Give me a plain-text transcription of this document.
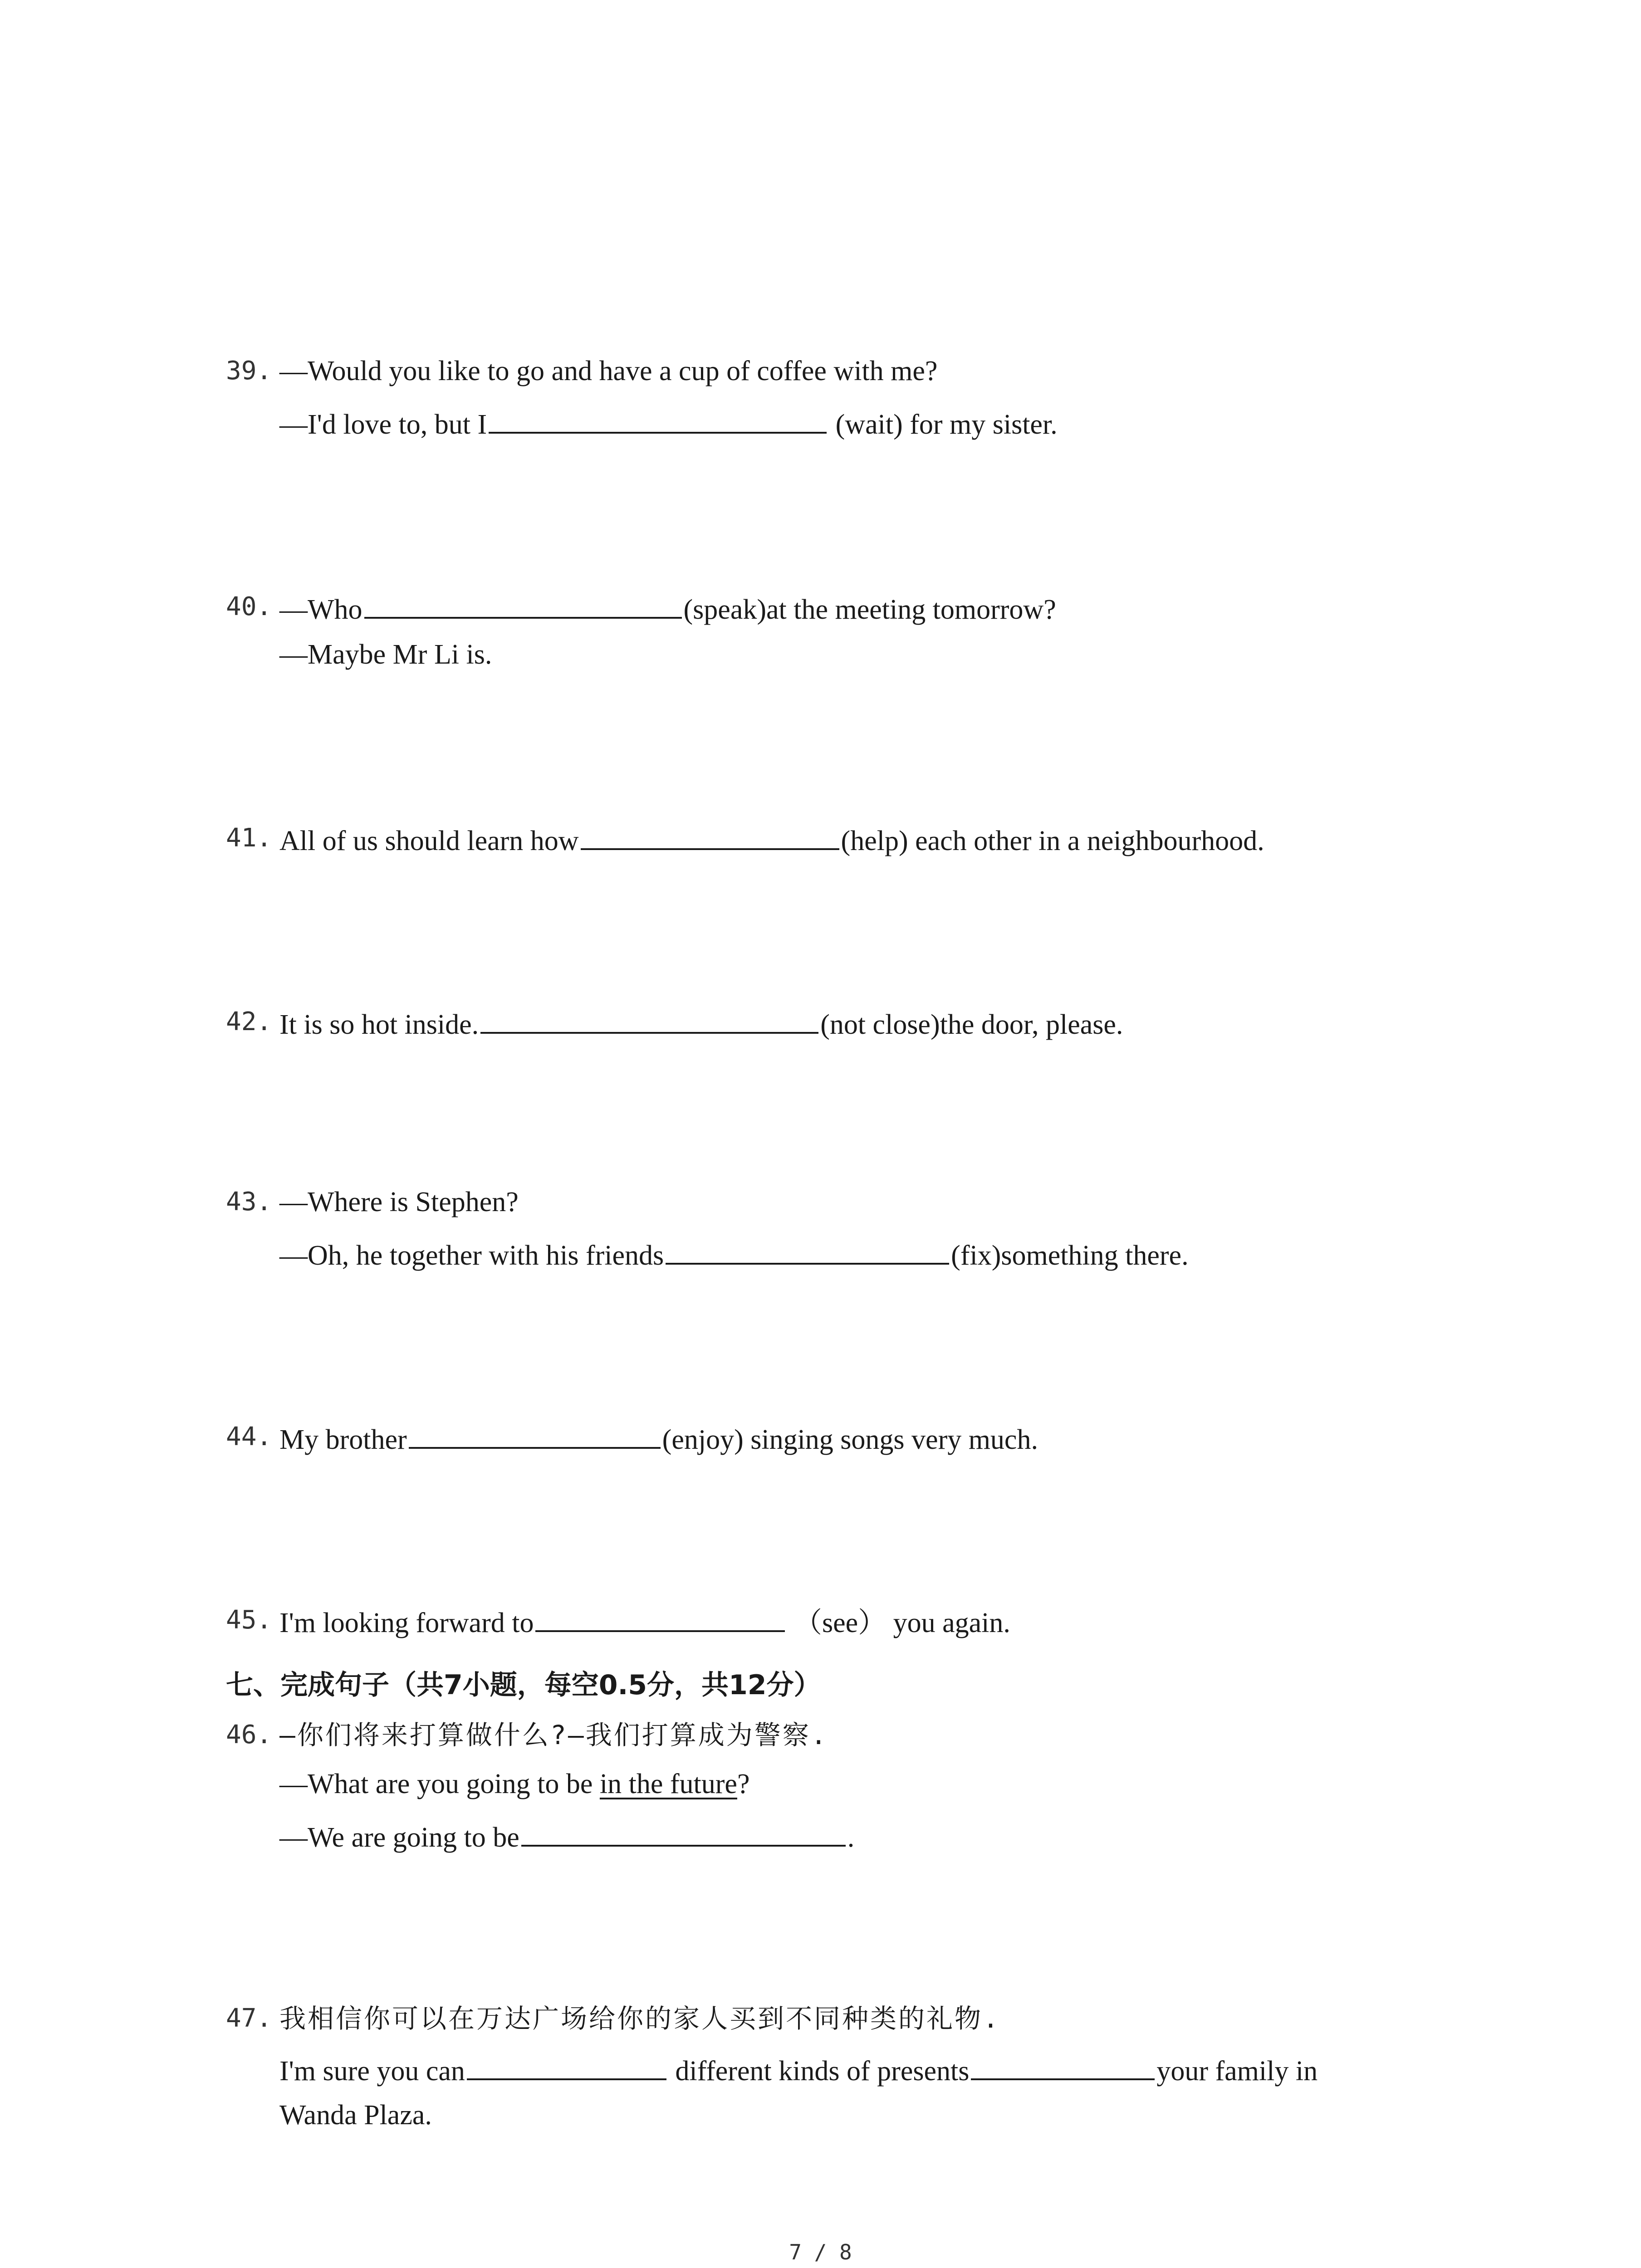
39. —Would you like to go and have a cup of coffee with me?
—I'd love to, but I	(wait) for my sister.
40. —Who	(speak)at the meeting tomorrow?
—Maybe Mr Li is.
41. All of us should learn how	(help) each other in a neighbourhood.
42. It is so hot inside.	(not close)the door, please.
43. —Where is Stephen?
—Oh, he together with his friends	(fix)something there.
44. My brother	(enjoy) singing songs very much.
45. I'm looking forward to	（see） you again.
七、完成句子（共7小题，每空0.5分，共12分）
46. —你们将来打算做什么?—我们打算成为警察.
—What are you going to be in the future?
—We are going to be	.
47. 我相信你可以在万达广场给你的家人买到不同种类的礼物.
I'm sure you can	different kinds of presents	your family in
Wanda Plaza.
7 / 8
